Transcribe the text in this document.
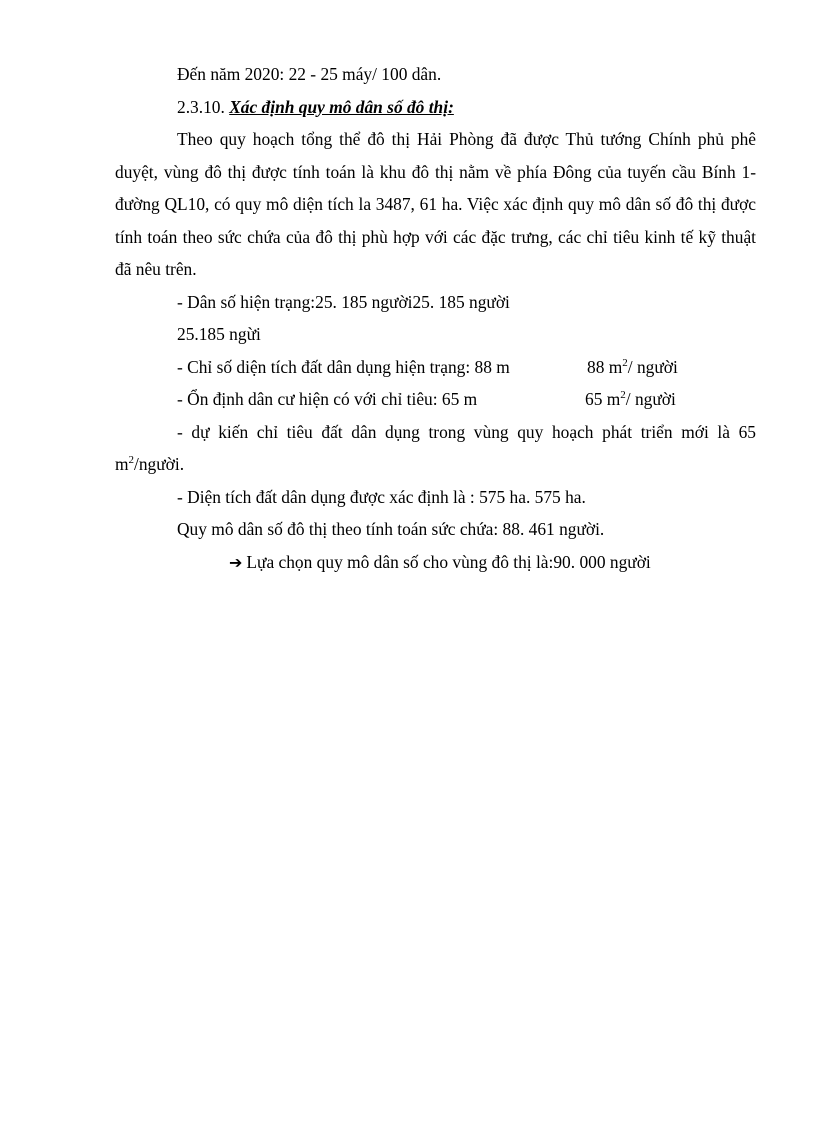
Đến năm 2020: 22 - 25 máy/ 100 dân.

2.3.10. Xác định quy mô dân số đô thị:

Theo quy hoạch tổng thể đô thị Hải Phòng đã được Thủ tướng Chính phủ phê duyệt, vùng đô thị được tính toán là khu đô thị nằm về phía Đông của tuyến cầu Bính 1- đường QL10, có quy mô diện tích la 3487, 61 ha. Việc xác định quy mô dân số đô thị được tính toán theo sức chứa của đô thị phù hợp với các đặc trưng, các chỉ tiêu kinh tế kỹ thuật đã nêu trên.

- Dân số hiện trạng:25. 185 người25. 185 người

25.185 ngừi

- Chỉ số diện tích đất dân dụng hiện trạng: 88 m	88 $m^2/$ người

- Ổn định dân cư hiện có với chỉ tiêu: 65 m	65 $m^2/$ người

- dự kiến chỉ tiêu đất dân dụng trong vùng quy hoạch phát triển mới là 65

$m^2$/người.

- Diện tích đất dân dụng được xác định là : 575 ha. 575 ha.

Quy mô dân số đô thị theo tính toán sức chứa: 88. 461 người.

➔ Lựa chọn quy mô dân số cho vùng đô thị là:90. 000 người
